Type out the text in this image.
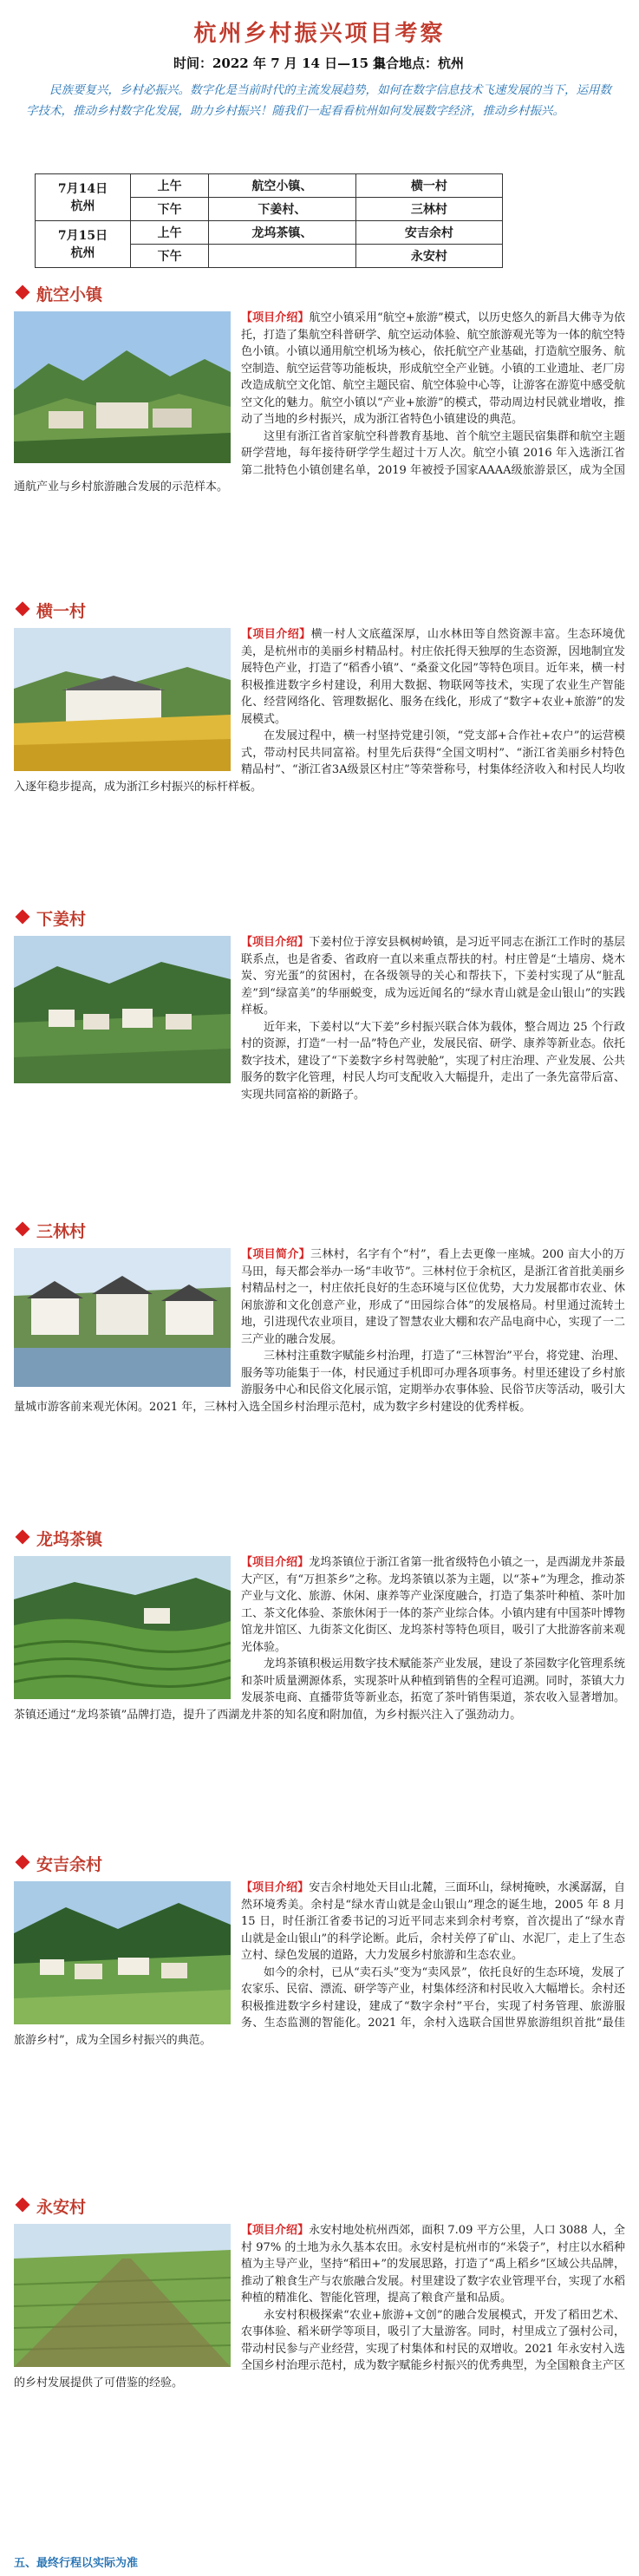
杭州乡村振兴项目考察
时间：2022 年 7 月 14 日—15 日
集合地点：杭州
民族要复兴，乡村必振兴。数字化是当前时代的主流发展趋势，如何在数字信息技术飞速发展的当下，运用数字技术，推动乡村数字化发展，助力乡村振兴！随我们一起看看杭州如何发展数字经济，推动乡村振兴。
7月14日
杭州	上午	航空小镇、	横一村
	下午	下姜村、	三林村
7月15日
杭州	上午	龙坞茶镇、	安吉余村
	下午		永安村
航空小镇

【项目介绍】航空小镇采用“航空+旅游”模式，以历史悠久的新昌大佛寺为依托，打造了集航空科普研学、航空运动体验、航空旅游观光等为一体的航空特色小镇。小镇以通用航空机场为核心，依托航空产业基础，打造航空服务、航空制造、航空运营等功能板块，形成航空全产业链。小镇的工业遗址、老厂房改造成航空文化馆、航空主题民宿、航空体验中心等，让游客在游览中感受航空文化的魅力。航空小镇以“产业+旅游”的模式，带动周边村民就业增收，推动了当地的乡村振兴，成为浙江省特色小镇建设的典范。

这里有浙江省首家航空科普教育基地、首个航空主题民宿集群和航空主题研学营地，每年接待研学学生超过十万人次。航空小镇 2016 年入选浙江省第二批特色小镇创建名单，2019 年被授予国家AAAA级旅游景区，成为全国通航产业与乡村旅游融合发展的示范样本。

横一村

【项目介绍】横一村人文底蕴深厚，山水林田等自然资源丰富。生态环境优美，是杭州市的美丽乡村精品村。村庄依托得天独厚的生态资源，因地制宜发展特色产业，打造了“稻香小镇”、“桑蚕文化园”等特色项目。近年来，横一村积极推进数字乡村建设，利用大数据、物联网等技术，实现了农业生产智能化、经营网络化、管理数据化、服务在线化，形成了“数字+农业+旅游”的发展模式。

在发展过程中，横一村坚持党建引领，“党支部+合作社+农户”的运营模式，带动村民共同富裕。村里先后获得“全国文明村”、“浙江省美丽乡村特色精品村”、“浙江省3A级景区村庄”等荣誉称号，村集体经济收入和村民人均收入逐年稳步提高，成为浙江乡村振兴的标杆样板。

下姜村

【项目介绍】下姜村位于淳安县枫树岭镇，是习近平同志在浙江工作时的基层联系点，也是省委、省政府一直以来重点帮扶的村。村庄曾是“土墙房、烧木炭、穷光蛋”的贫困村，在各级领导的关心和帮扶下，下姜村实现了从“脏乱差”到“绿富美”的华丽蜕变，成为远近闻名的“绿水青山就是金山银山”的实践样板。

近年来，下姜村以“大下姜”乡村振兴联合体为载体，整合周边 25 个行政村的资源，打造“一村一品”特色产业，发展民宿、研学、康养等新业态。依托数字技术，建设了“下姜数字乡村驾驶舱”，实现了村庄治理、产业发展、公共服务的数字化管理，村民人均可支配收入大幅提升，走出了一条先富带后富、实现共同富裕的新路子。

三林村

【项目简介】三林村，名字有个“村”，看上去更像一座城。200 亩大小的万马田，每天都会举办一场“丰收节”。三林村位于余杭区，是浙江省首批美丽乡村精品村之一，村庄依托良好的生态环境与区位优势，大力发展都市农业、休闲旅游和文化创意产业，形成了“田园综合体”的发展格局。村里通过流转土地，引进现代农业项目，建设了智慧农业大棚和农产品电商中心，实现了一二三产业的融合发展。

三林村注重数字赋能乡村治理，打造了“三林智治”平台，将党建、治理、服务等功能集于一体，村民通过手机即可办理各项事务。村里还建设了乡村旅游服务中心和民俗文化展示馆，定期举办农事体验、民俗节庆等活动，吸引大量城市游客前来观光休闲。2021 年，三林村入选全国乡村治理示范村，成为数字乡村建设的优秀样板。

龙坞茶镇

【项目介绍】龙坞茶镇位于浙江省第一批省级特色小镇之一，是西湖龙井茶最大产区，有“万担茶乡”之称。龙坞茶镇以茶为主题，以“茶+”为理念，推动茶产业与文化、旅游、休闲、康养等产业深度融合，打造了集茶叶种植、茶叶加工、茶文化体验、茶旅休闲于一体的茶产业综合体。小镇内建有中国茶叶博物馆龙井馆区、九街茶文化街区、龙坞茶村等特色项目，吸引了大批游客前来观光体验。

龙坞茶镇积极运用数字技术赋能茶产业发展，建设了茶园数字化管理系统和茶叶质量溯源体系，实现茶叶从种植到销售的全程可追溯。同时，茶镇大力发展茶电商、直播带货等新业态，拓宽了茶叶销售渠道，茶农收入显著增加。茶镇还通过“龙坞茶镇”品牌打造，提升了西湖龙井茶的知名度和附加值，为乡村振兴注入了强劲动力。

安吉余村

【项目介绍】安吉余村地处天目山北麓，三面环山，绿树掩映，水溪潺潺，自然环境秀美。余村是“绿水青山就是金山银山”理念的诞生地，2005 年 8 月 15 日，时任浙江省委书记的习近平同志来到余村考察，首次提出了“绿水青山就是金山银山”的科学论断。此后，余村关停了矿山、水泥厂，走上了生态立村、绿色发展的道路，大力发展乡村旅游和生态农业。

如今的余村，已从“卖石头”变为“卖风景”，依托良好的生态环境，发展了农家乐、民宿、漂流、研学等产业，村集体经济和村民收入大幅增长。余村还积极推进数字乡村建设，建成了“数字余村”平台，实现了村务管理、旅游服务、生态监测的智能化。2021 年，余村入选联合国世界旅游组织首批“最佳旅游乡村”，成为全国乡村振兴的典范。

永安村

【项目介绍】永安村地处杭州西郊，面积 7.09 平方公里，人口 3088 人，全村 97% 的土地为永久基本农田。永安村是杭州市的“米袋子”，村庄以水稻种植为主导产业，坚持“稻田+”的发展思路，打造了“禹上稻乡”区域公共品牌，推动了粮食生产与农旅融合发展。村里建设了数字农业管理平台，实现了水稻种植的精准化、智能化管理，提高了粮食产量和品质。

永安村积极探索“农业+旅游+文创”的融合发展模式，开发了稻田艺术、农事体验、稻米研学等项目，吸引了大量游客。同时，村里成立了强村公司，带动村民参与产业经营，实现了村集体和村民的双增收。2021 年永安村入选全国乡村治理示范村，成为数字赋能乡村振兴的优秀典型，为全国粮食主产区的乡村发展提供了可借鉴的经验。

五、最终行程以实际为准
